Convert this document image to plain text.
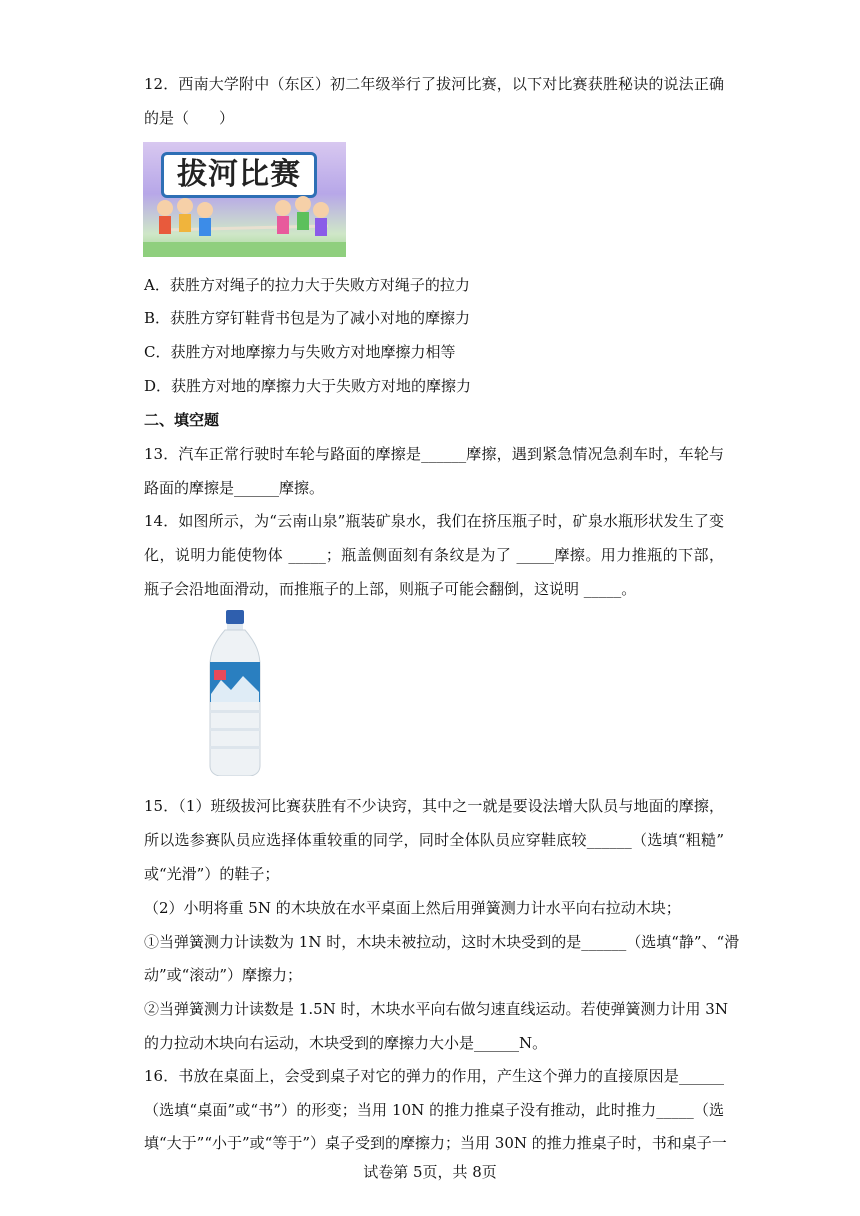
12．西南大学附中（东区）初二年级举行了拔河比赛，以下对比赛获胜秘诀的说法正确
的是（　　）
拔河比赛
A．获胜方对绳子的拉力大于失败方对绳子的拉力
B．获胜方穿钉鞋背书包是为了减小对地的摩擦力
C．获胜方对地摩擦力与失败方对地摩擦力相等
D．获胜方对地的摩擦力大于失败方对地的摩擦力
二、填空题
13．汽车正常行驶时车轮与路面的摩擦是______摩擦，遇到紧急情况急刹车时，车轮与
路面的摩擦是______摩擦。
14．如图所示，为“云南山泉”瓶装矿泉水，我们在挤压瓶子时，矿泉水瓶形状发生了变
化，说明力能使物体 _____；瓶盖侧面刻有条纹是为了 _____摩擦。用力推瓶的下部，
瓶子会沿地面滑动，而推瓶子的上部，则瓶子可能会翻倒，这说明 _____。
15．（1）班级拔河比赛获胜有不少诀窍，其中之一就是要设法增大队员与地面的摩擦，
所以选参赛队员应选择体重较重的同学，同时全体队员应穿鞋底较______（选填“粗糙”
或“光滑”）的鞋子；
（2）小明将重 5N 的木块放在水平桌面上然后用弹簧测力计水平向右拉动木块；
①当弹簧测力计读数为 1N 时，木块未被拉动，这时木块受到的是______（选填“静”、“滑
动”或“滚动”）摩擦力；
②当弹簧测力计读数是 1.5N 时，木块水平向右做匀速直线运动。若使弹簧测力计用 3N
的力拉动木块向右运动，木块受到的摩擦力大小是______N。
16．书放在桌面上，会受到桌子对它的弹力的作用，产生这个弹力的直接原因是______
（选填“桌面”或“书”）的形变；当用 10N 的推力推桌子没有推动，此时推力_____（选
填“大于”“小于”或“等于”）桌子受到的摩擦力；当用 30N 的推力推桌子时，书和桌子一
试卷第 5页，共 8页
